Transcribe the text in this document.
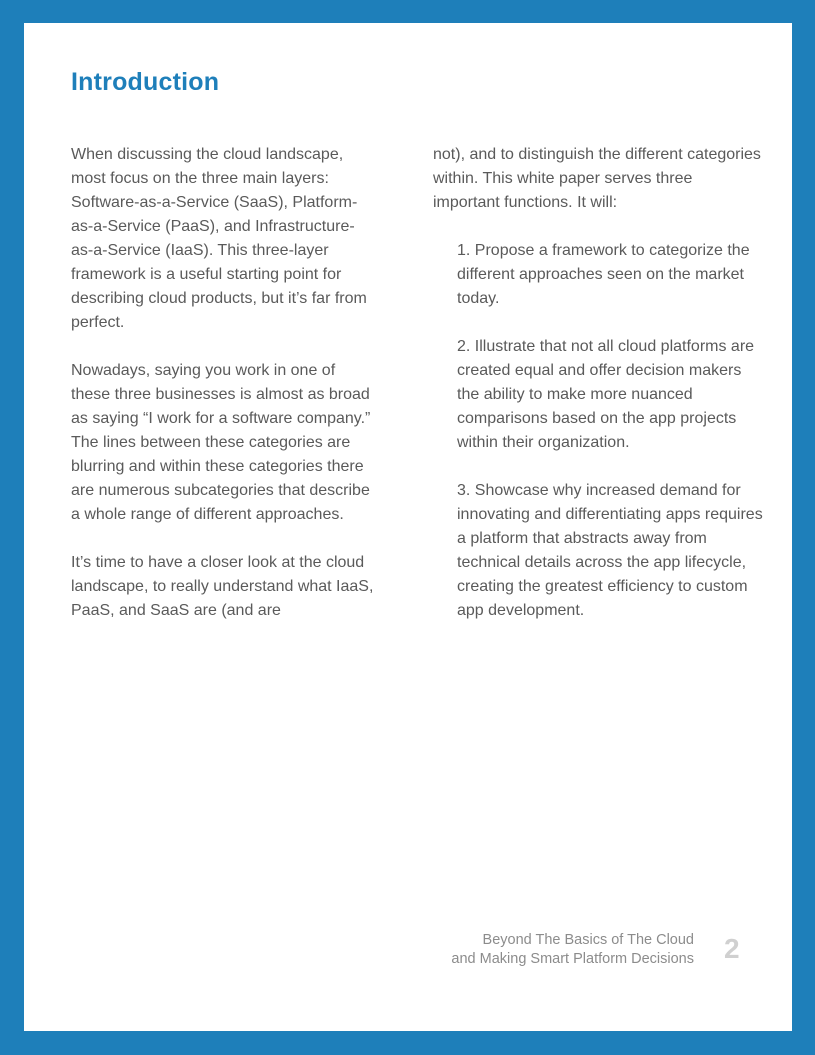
Introduction

When discussing the cloud landscape, most focus on the three main layers: Software-as-a-Service (SaaS), Platform-as-a-Service (PaaS), and Infrastructure-as-a-Service (IaaS). This three-layer framework is a useful starting point for describing cloud products, but it’s far from perfect.

Nowadays, saying you work in one of these three businesses is almost as broad as saying “I work for a software company.” The lines between these categories are blurring and within these categories there are numerous subcategories that describe a whole range of different approaches.

It’s time to have a closer look at the cloud landscape, to really understand what IaaS, PaaS, and SaaS are (and are

not), and to distinguish the different categories within. This white paper serves three important functions. It will:

1. Propose a framework to categorize the different approaches seen on the market today.

2. Illustrate that not all cloud platforms are created equal and offer decision makers the ability to make more nuanced comparisons based on the app projects within their organization.

3. Showcase why increased demand for innovating and differentiating apps requires a platform that abstracts away from technical details across the app lifecycle, creating the greatest efficiency to custom app development.

Beyond The Basics of The Cloud
and Making Smart Platform Decisions 2
